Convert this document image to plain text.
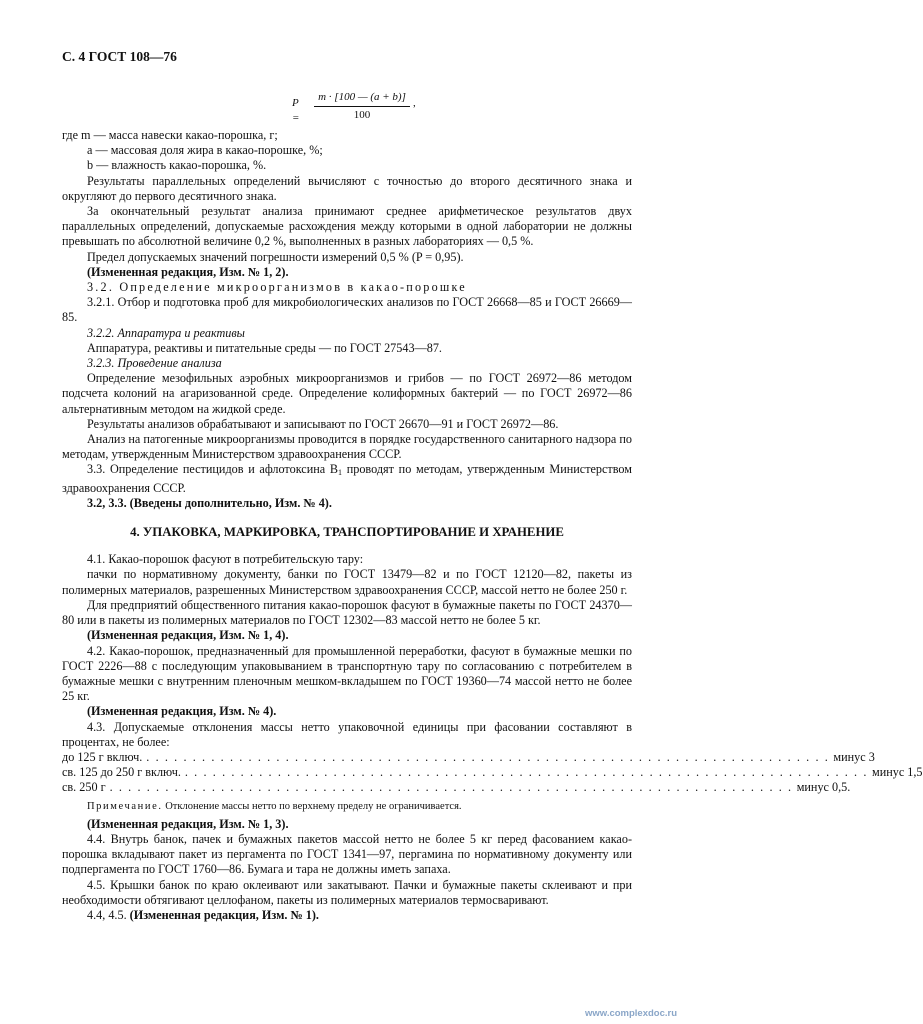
С. 4 ГОСТ 108—76
$P = \frac{m \cdot [100 — (a + b)]}{100}$ ,

где m — масса навески какао-порошка, г;

a — массовая доля жира в какао-порошке, %;

b — влажность какао-порошка, %.

Результаты параллельных определений вычисляют с точностью до второго десятичного знака и округляют до первого десятичного знака.

За окончательный результат анализа принимают среднее арифметическое результатов двух параллельных определений, допускаемые расхождения между которыми в одной лаборатории не должны превышать по абсолютной величине 0,2 %, выполненных в разных лабораториях — 0,5 %.

Предел допускаемых значений погрешности измерений 0,5 % (P = 0,95).

(Измененная редакция, Изм. № 1, 2).

3.2. Определение микроорганизмов в какао-порошке

3.2.1. Отбор и подготовка проб для микробиологических анализов по ГОСТ 26668—85 и ГОСТ 26669—85.

3.2.2. Аппаратура и реактивы

Аппаратура, реактивы и питательные среды — по ГОСТ 27543—87.

3.2.3. Проведение анализа

Определение мезофильных аэробных микроорганизмов и грибов — по ГОСТ 26972—86 методом подсчета колоний на агаризованной среде. Определение колиформных бактерий — по ГОСТ 26972—86 альтернативным методом на жидкой среде.

Результаты анализов обрабатывают и записывают по ГОСТ 26670—91 и ГОСТ 26972—86.

Анализ на патогенные микроорганизмы проводится в порядке государственного санитарного надзора по методам, утвержденным Министерством здравоохранения СССР.

3.3. Определение пестицидов и афлотоксина $B_1$ проводят по методам, утвержденным Министерством здравоохранения СССР.

3.2, 3.3. (Введены дополнительно, Изм. № 4).

4. УПАКОВКА, МАРКИРОВКА, ТРАНСПОРТИРОВАНИЕ И ХРАНЕНИЕ

4.1. Какао-порошок фасуют в потребительскую тару:

пачки по нормативному документу, банки по ГОСТ 13479—82 и по ГОСТ 12120—82, пакеты из полимерных материалов, разрешенных Министерством здравоохранения СССР, массой нетто не более 250 г.

Для предприятий общественного питания какао-порошок фасуют в бумажные пакеты по ГОСТ 24370—80 или в пакеты из полимерных материалов по ГОСТ 12302—83 массой нетто не более 5 кг.

(Измененная редакция, Изм. № 1, 4).

4.2. Какао-порошок, предназначенный для промышленной переработки, фасуют в бумажные мешки по ГОСТ 2226—88 с последующим упаковыванием в транспортную тару по согласованию с потребителем в бумажные мешки с внутренним пленочным мешком-вкладышем по ГОСТ 19360—74 массой нетто не более 25 кг.

(Измененная редакция, Изм. № 4).

4.3. Допускаемые отклонения массы нетто упаковочной единицы при фасовании составляют в процентах, не более:

до 125 г включ. . . . . . . . . . . . . . . . . . . . . . . . . . . . . . . . . . . . . . . . . . . . . . . . . . . . . . . . . . . . . . . . . . . . . . . . . . . минус 3
св. 125 до 250 г включ. . . . . . . . . . . . . . . . . . . . . . . . . . . . . . . . . . . . . . . . . . . . . . . . . . . . . . . . . . . . . . . . . . . . . . . . . . . минус 1,5
св. 250 г . . . . . . . . . . . . . . . . . . . . . . . . . . . . . . . . . . . . . . . . . . . . . . . . . . . . . . . . . . . . . . . . . . . . . . . . . . минус 0,5.

Примечание. Отклонение массы нетто по верхнему пределу не ограничивается.

(Измененная редакция, Изм. № 1, 3).

4.4. Внутрь банок, пачек и бумажных пакетов массой нетто не более 5 кг перед фасованием какао-порошка вкладывают пакет из пергамента по ГОСТ 1341—97, пергамина по нормативному документу или подпергамента по ГОСТ 1760—86. Бумага и тара не должны иметь запаха.

4.5. Крышки банок по краю оклеивают или закатывают. Пачки и бумажные пакеты склеивают и при необходимости обтягивают целлофаном, пакеты из полимерных материалов термосваривают.

4.4, 4.5. (Измененная редакция, Изм. № 1).

www.complexdoc.ru
